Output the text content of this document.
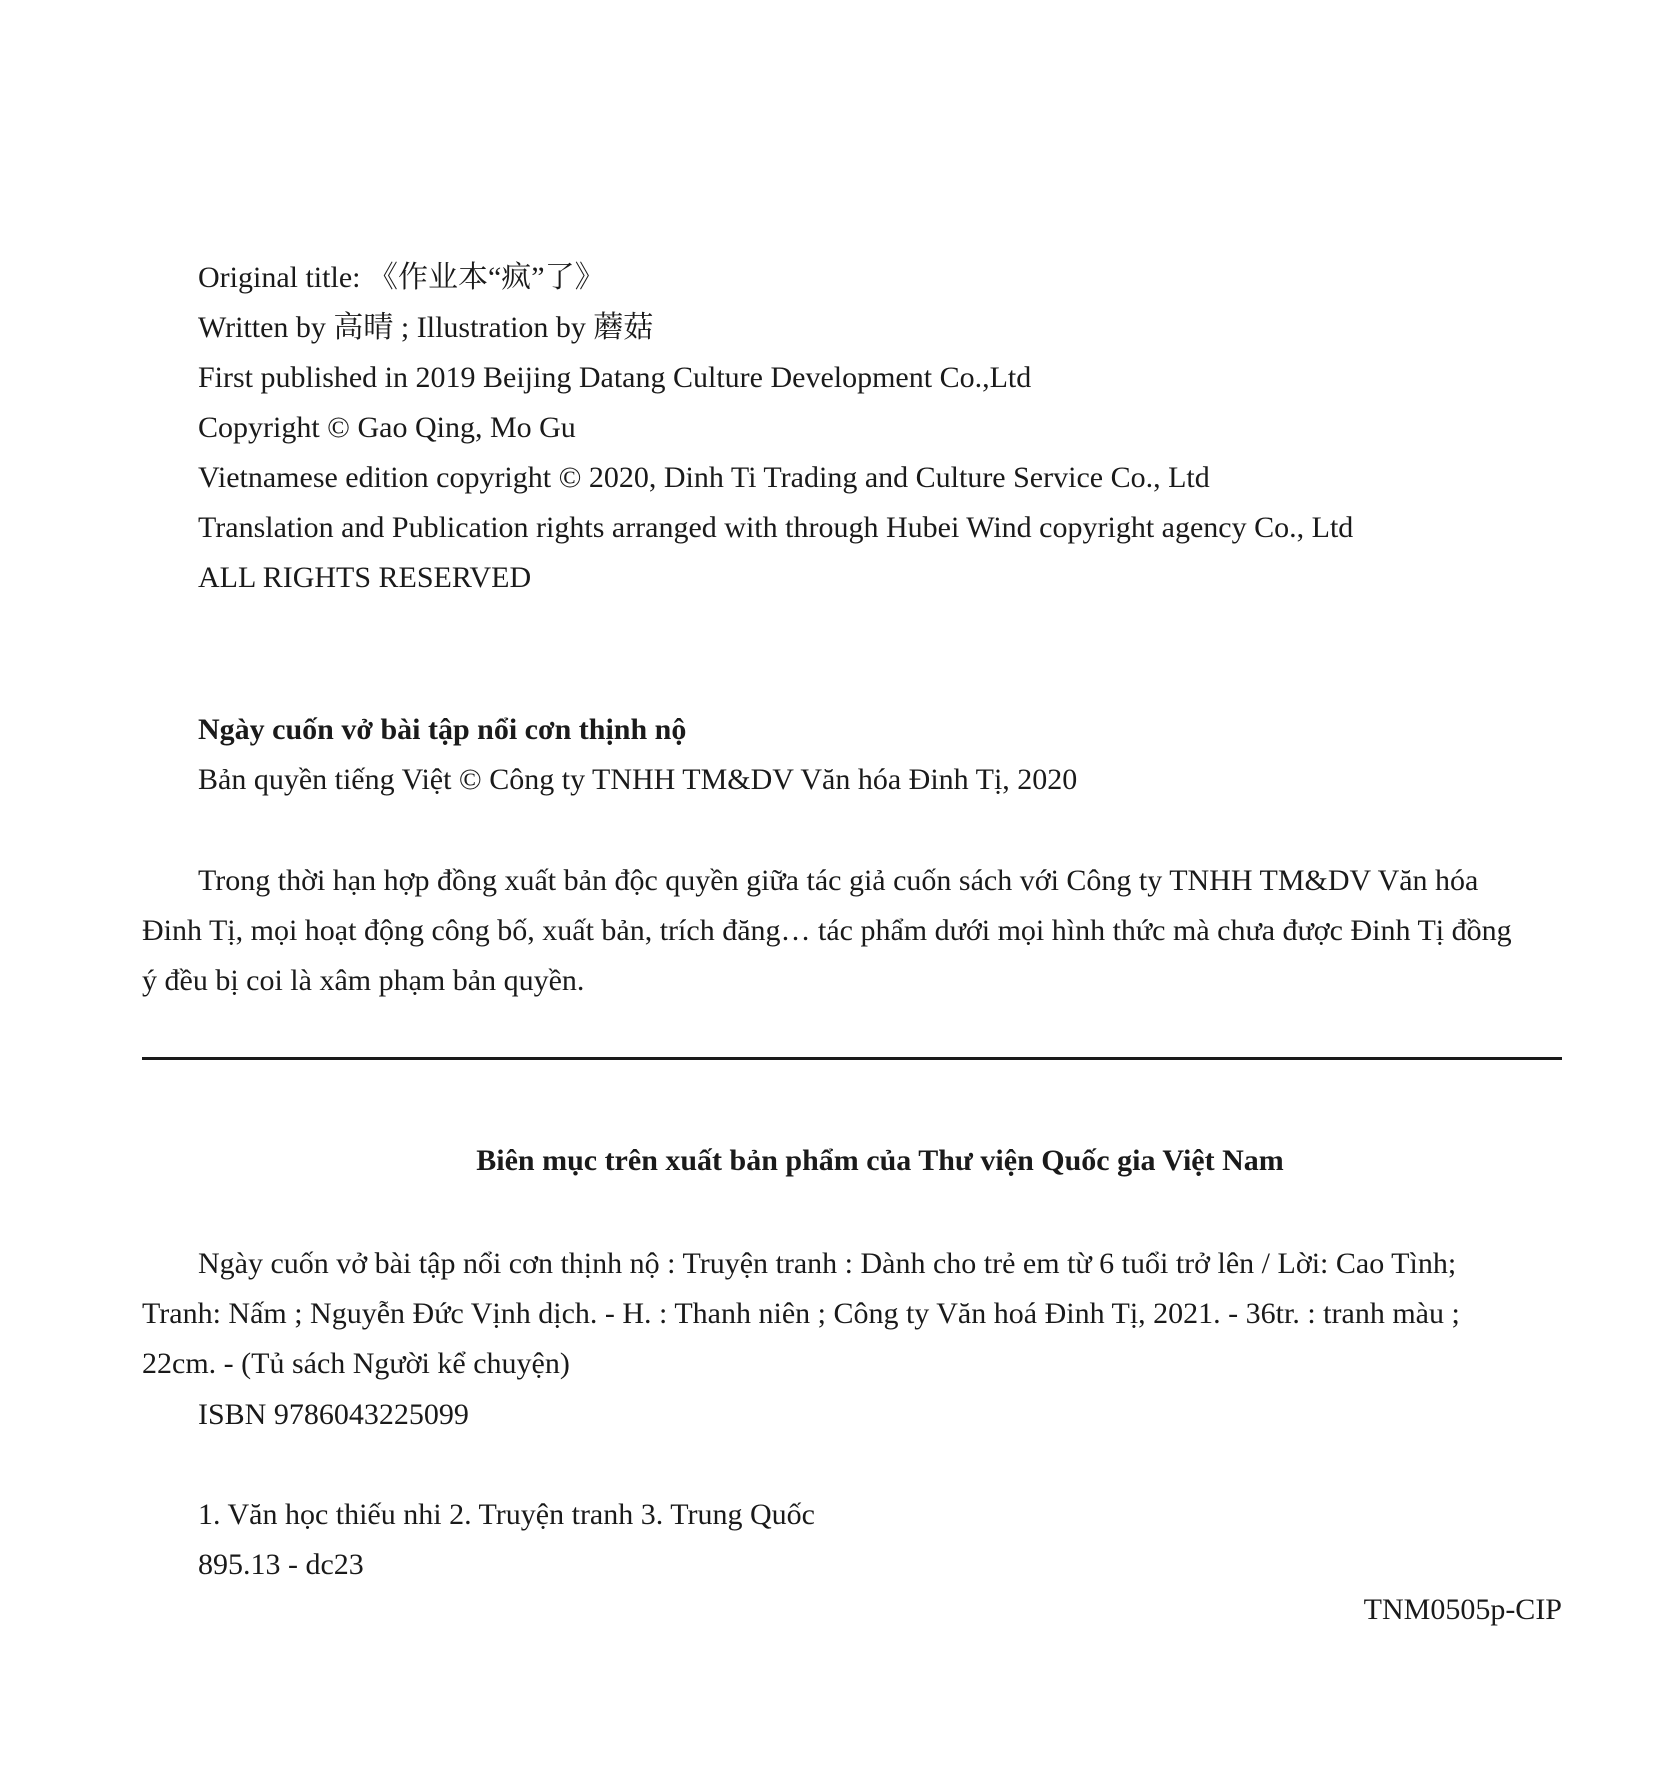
Original title: 《作业本“疯”了》
Written by 高晴 ; Illustration by 蘑菇
First published in 2019 Beijing Datang Culture Development Co.,Ltd
Copyright © Gao Qing, Mo Gu
Vietnamese edition copyright © 2020, Dinh Ti Trading and Culture Service Co., Ltd
Translation and Publication rights arranged with through Hubei Wind copyright agency Co., Ltd
ALL RIGHTS RESERVED
Ngày cuốn vở bài tập nổi cơn thịnh nộ
Bản quyền tiếng Việt © Công ty TNHH TM&DV Văn hóa Đinh Tị, 2020
Trong thời hạn hợp đồng xuất bản độc quyền giữa tác giả cuốn sách với Công ty TNHH TM&DV Văn hóa Đinh Tị, mọi hoạt động công bố, xuất bản, trích đăng… tác phẩm dưới mọi hình thức mà chưa được Đinh Tị đồng ý đều bị coi là xâm phạm bản quyền.
Biên mục trên xuất bản phẩm của Thư viện Quốc gia Việt Nam
Ngày cuốn vở bài tập nổi cơn thịnh nộ : Truyện tranh : Dành cho trẻ em từ 6 tuổi trở lên / Lời: Cao Tình; Tranh: Nấm ; Nguyễn Đức Vịnh dịch. - H. : Thanh niên ; Công ty Văn hoá Đinh Tị, 2021. - 36tr. : tranh màu ; 22cm. - (Tủ sách Người kể chuyện)
ISBN 9786043225099
1. Văn học thiếu nhi 2. Truyện tranh 3. Trung Quốc
895.13 - dc23
TNM0505p-CIP
